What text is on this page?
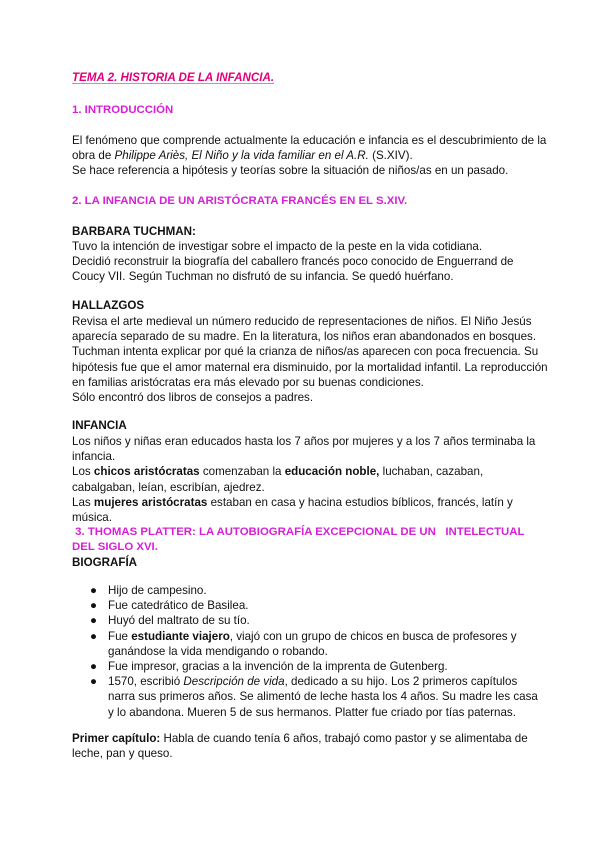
TEMA 2. HISTORIA DE LA INFANCIA.
1. INTRODUCCIÓN
El fenómeno que comprende actualmente la educación e infancia es el descubrimiento de la
obra de Philippe Ariès, El Niño y la vida familiar en el A.R. (S.XIV).
Se hace referencia a hipótesis y teorías sobre la situación de niños/as en un pasado.
2. LA INFANCIA DE UN ARISTÓCRATA FRANCÉS EN EL S.XIV.
BARBARA TUCHMAN:
Tuvo la intención de investigar sobre el impacto de la peste en la vida cotidiana.
Decidió reconstruir la biografía del caballero francés poco conocido de Enguerrand de
Coucy VII. Según Tuchman no disfrutó de su infancia. Se quedó huérfano.
HALLAZGOS
Revisa el arte medieval un número reducido de representaciones de niños. El Niño Jesús
aparecía separado de su madre. En la literatura, los niños eran abandonados en bosques.
Tuchman intenta explicar por qué la crianza de niños/as aparecen con poca frecuencia. Su
hipótesis fue que el amor maternal era disminuido, por la mortalidad infantil. La reproducción
en familias aristócratas era más elevado por su buenas condiciones.
Sólo encontró dos libros de consejos a padres.
INFANCIA
Los niños y niñas eran educados hasta los 7 años por mujeres y a los 7 años terminaba la
infancia.
Los chicos aristócratas comenzaban la educación noble, luchaban, cazaban,
cabalgaban, leían, escribían, ajedrez.
Las mujeres aristócratas estaban en casa y hacina estudios bíblicos, francés, latín y
música.
3. THOMAS PLATTER: LA AUTOBIOGRAFÍA EXCEPCIONAL DE UN   INTELECTUAL
DEL SIGLO XVI.
BIOGRAFÍA
● Hijo de campesino.
● Fue catedrático de Basilea.
● Huyó del maltrato de su tío.
● Fue estudiante viajero, viajó con un grupo de chicos en busca de profesores y
ganándose la vida mendigando o robando.
● Fue impresor, gracias a la invención de la imprenta de Gutenberg.
● 1570, escribió Descripción de vida, dedicado a su hijo. Los 2 primeros capítulos
narra sus primeros años. Se alimentó de leche hasta los 4 años. Su madre les casa
y lo abandona. Mueren 5 de sus hermanos. Platter fue criado por tías paternas.
Primer capítulo: Habla de cuando tenía 6 años, trabajó como pastor y se alimentaba de
leche, pan y queso.
